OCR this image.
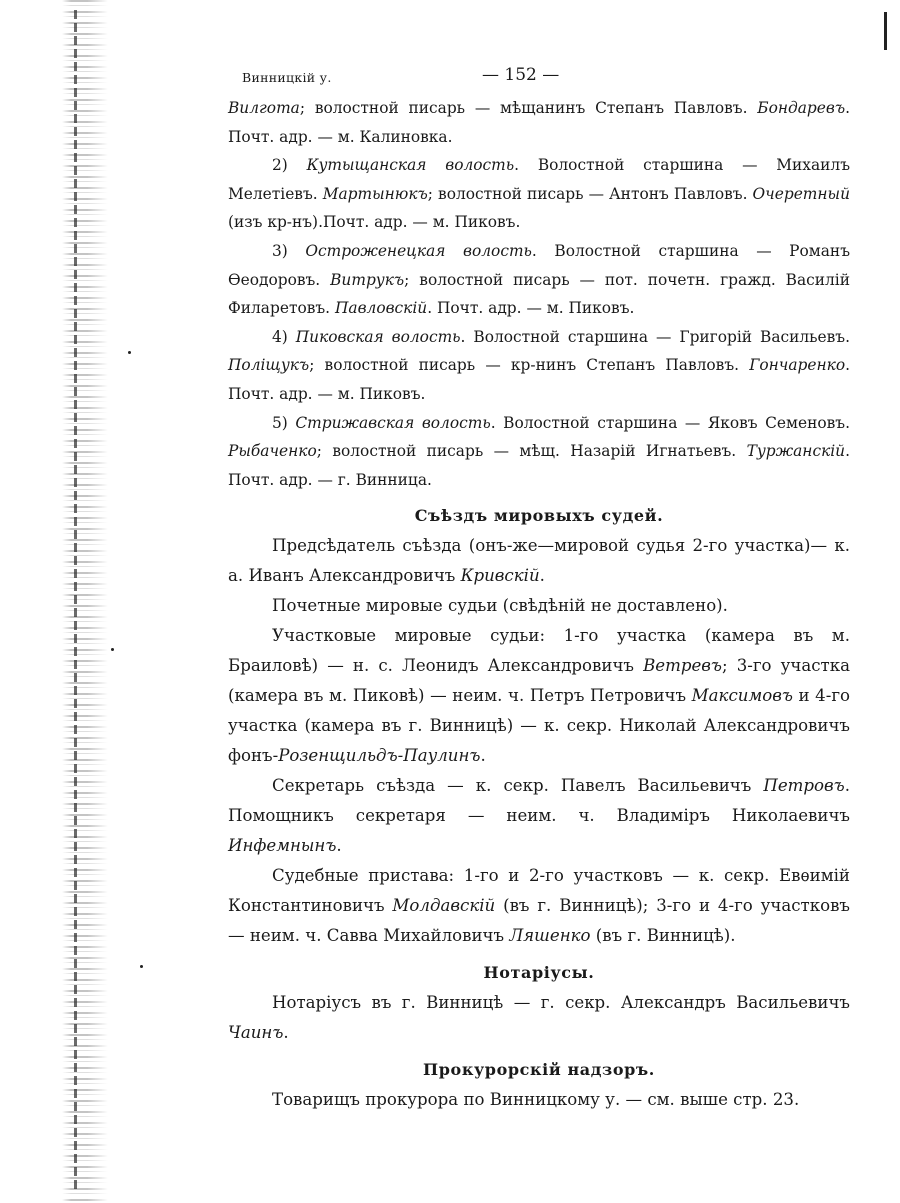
Винницкій у.	— 152 —

Вилгота; волостной писарь — мѣщанинъ Степанъ Павловъ. Бондаревъ. Почт. адр. — м. Калиновка.

2) Кутыщанская волость. Волостной старшина — Михаилъ Мелетіевъ. Мартынюкъ; волостной писарь — Антонъ Павловъ. Очеретный (изъ кр-нъ).Почт. адр. — м. Пиковъ.

3) Остроженецкая волость. Волостной старшина — Романъ Ѳеодоровъ. Витрукъ; волостной писарь — пот. почетн. гражд. Василій Филаретовъ. Павловскій. Почт. адр. — м. Пиковъ.

4) Пиковская волость. Волостной старшина — Григорій Васильевъ. Поліщукъ; волостной писарь — кр-нинъ Степанъ Павловъ. Гончаренко. Почт. адр. — м. Пиковъ.

5) Стрижавская волость. Волостной старшина — Яковъ Семеновъ. Рыбаченко; волостной писарь — мѣщ. Назарій Игнатьевъ. Туржанскій. Почт. адр. — г. Винница.

Съѣздъ мировыхъ судей.

Предсѣдатель съѣзда (онъ-же—мировой судья 2-го участка)— к. а. Иванъ Александровичъ Кривскій.

Почетные мировые судьи (свѣдѣній не доставлено).

Участковые мировые судьи: 1-го участка (камера въ м. Браиловѣ) — н. с. Леонидъ Александровичъ Ветревъ; 3-го участка (камера въ м. Пиковѣ) — неим. ч. Петръ Петровичъ Максимовъ и 4-го участка (камера въ г. Винницѣ) — к. секр. Николай Александровичъ фонъ-Розенщильдъ-Паулинъ.

Секретарь съѣзда — к. секр. Павелъ Васильевичъ Петровъ. Помощникъ секретаря — неим. ч. Владиміръ Николаевичъ Инфемнынъ.

Судебные пристава: 1-го и 2-го участковъ — к. секр. Евѳимій Константиновичъ Молдавскій (въ г. Винницѣ); 3-го и 4-го участковъ — неим. ч. Савва Михайловичъ Ляшенко (въ г. Винницѣ).

Нотаріусы.

Нотаріусъ въ г. Винницѣ — г. секр. Александръ Васильевичъ Чаинъ.

Прокурорскій надзоръ.

Товарищъ прокурора по Винницкому у. — см. выше стр. 23.
